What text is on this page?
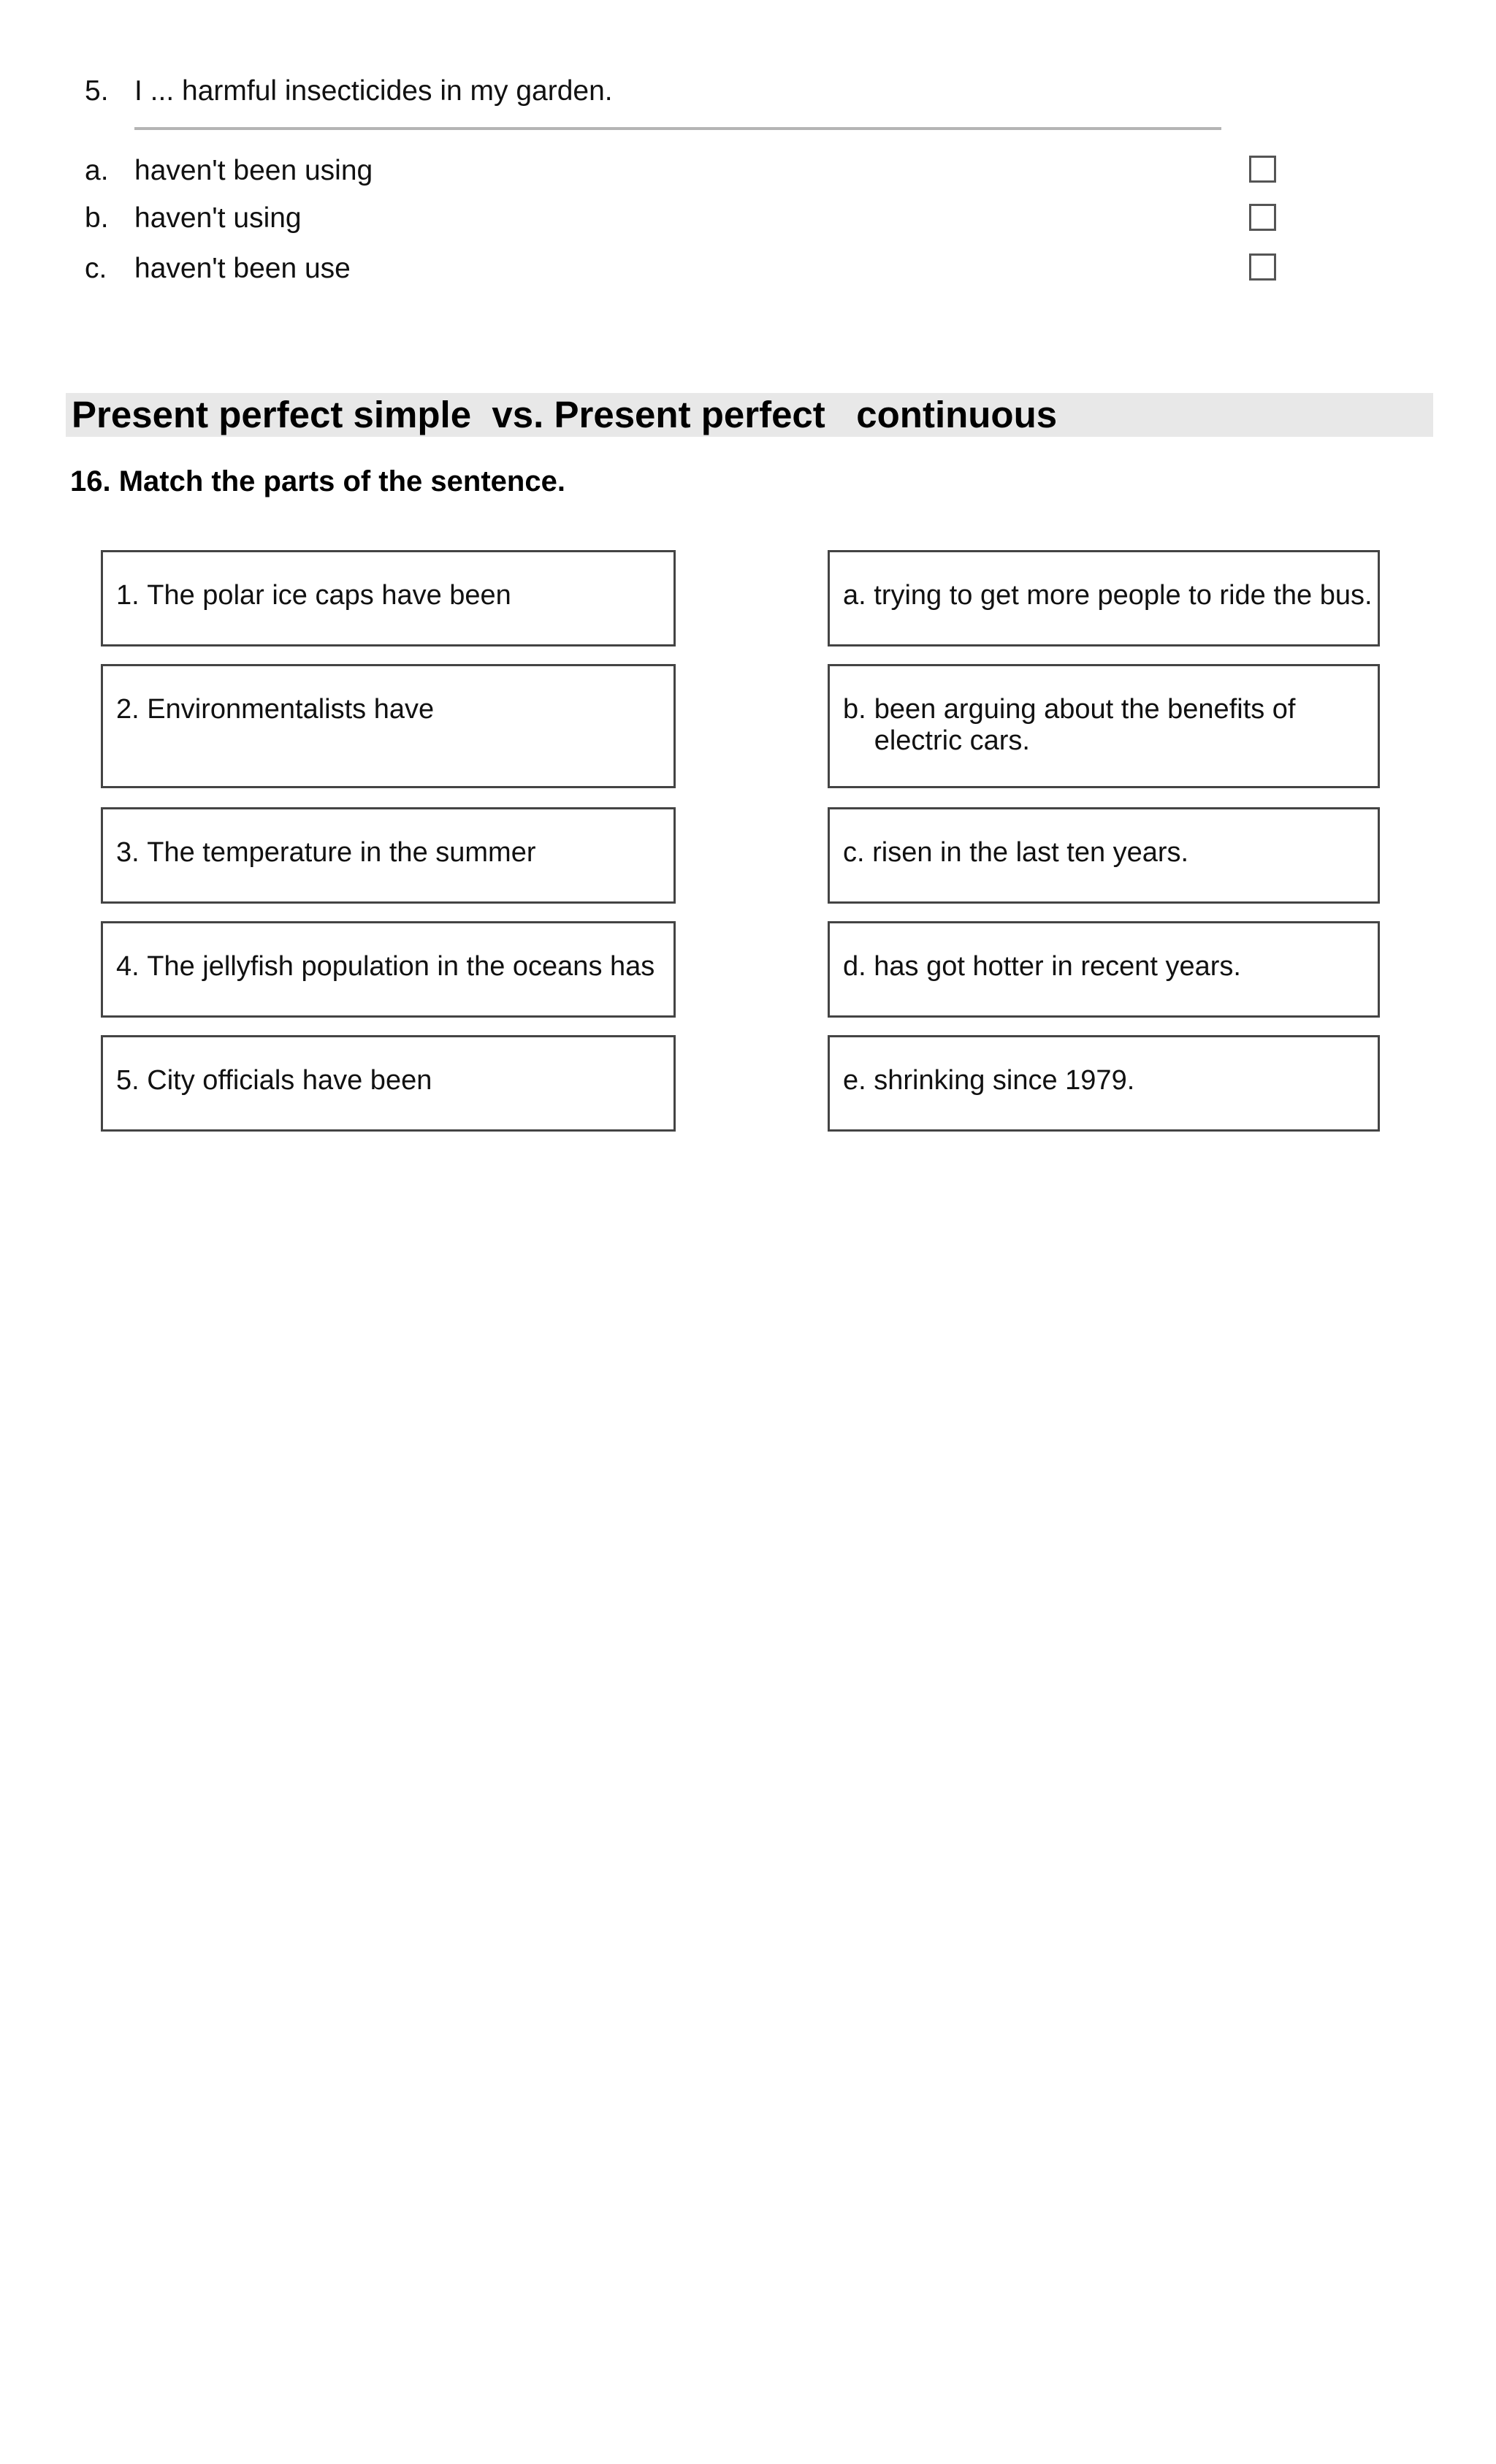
5. I ... harmful insecticides in my garden.
a. haven't been using
b. haven't using
c. haven't been use
Present perfect simple  vs. Present perfect   continuous
16. Match the parts of the sentence.
1. The polar ice caps have been
2. Environmentalists have
3. The temperature in the summer
4. The jellyfish population in the oceans has
5. City officials have been
a. trying to get more people to ride the bus.
b. been arguing about the benefits of electric cars.
c. risen in the last ten years.
d. has got hotter in recent years.
e. shrinking since 1979.
